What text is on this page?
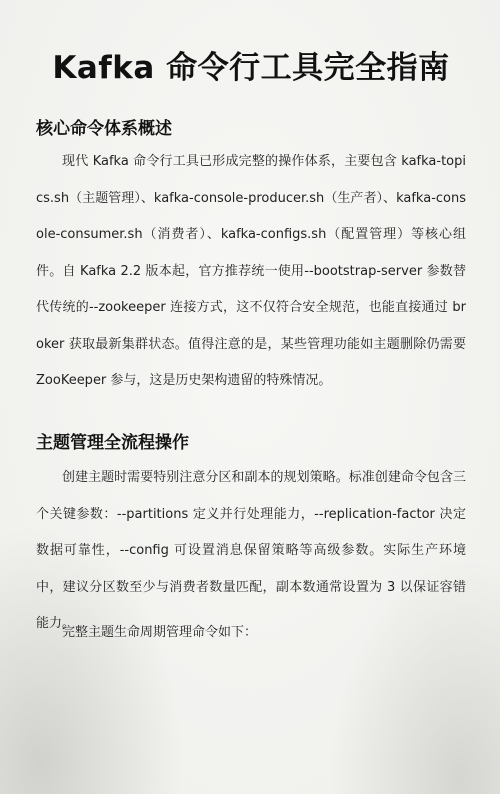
Kafka 命令行工具完全指南
核心命令体系概述
现代 Kafka 命令行工具已形成完整的操作体系，主要包含 kafka-topics.sh（主题管理）、kafka-console-producer.sh（生产者）、kafka-console-consumer.sh（消费者）、kafka-configs.sh（配置管理）等核心组件。自 Kafka 2.2 版本起，官方推荐统一使用--bootstrap-server 参数替代传统的--zookeeper 连接方式，这不仅符合安全规范，也能直接通过 broker 获取最新集群状态。值得注意的是，某些管理功能如主题删除仍需要 ZooKeeper 参与，这是历史架构遗留的特殊情况。
主题管理全流程操作
创建主题时需要特别注意分区和副本的规划策略。标准创建命令包含三个关键参数：--partitions 定义并行处理能力，--replication-factor 决定数据可靠性，--config 可设置消息保留策略等高级参数。实际生产环境中，建议分区数至少与消费者数量匹配，副本数通常设置为 3 以保证容错能力。
完整主题生命周期管理命令如下：
